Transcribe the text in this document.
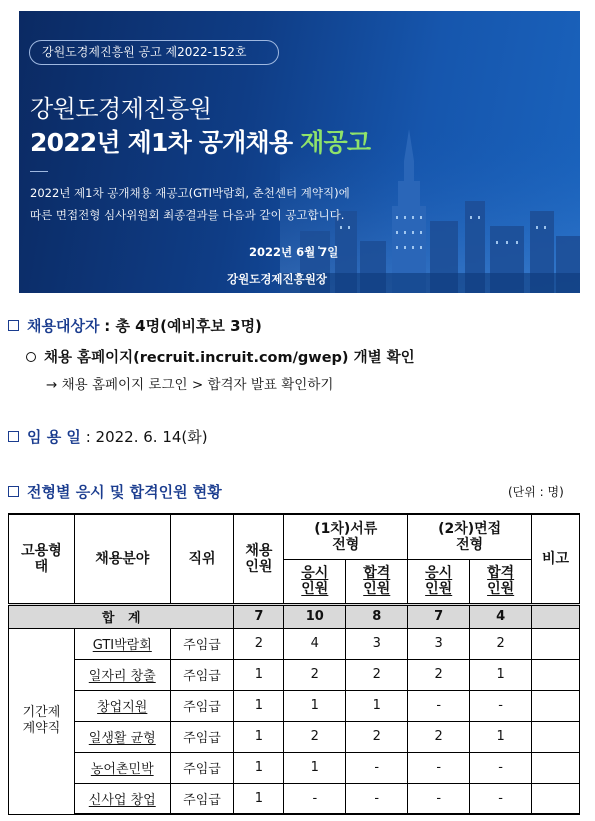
강원도경제진흥원 공고 제2022-152호
강원도경제진흥원
2022년 제1차 공개채용 재공고
2022년 제1차 공개채용 재공고(GTI박람회, 춘천센터 계약직)에
따른 면접전형 심사위원회 최종결과를 다음과 같이 공고합니다.
2022년 6월 7일
강원도경제진흥원장
채용대상자 : 총 4명(예비후보 3명)
채용 홈페이지(recruit.incruit.com/gwep) 개별 확인
→ 채용 홈페이지 로그인 > 합격자 발표 확인하기
임 용 일 : 2022. 6. 14(화)
전형별 응시 및 합격인원 현황	(단위 : 명)
고용형태	채용분야	직위	채용인원	(1차)서류전형		(2차)면접전형		비고
				응시인원	합격인원	응시인원	합격인원	
합   계			7	10	8	7	4	
기간제계약직	GTI박람회	주임급	2	4	3	3	2	
	일자리 창출	주임급	1	2	2	2	1	
	창업지원	주임급	1	1	1	-	-	
	일생활 균형	주임급	1	2	2	2	1	
	농어촌민박	주임급	1	1	-	-	-	
	신사업 창업	주임급	1	-	-	-	-	
